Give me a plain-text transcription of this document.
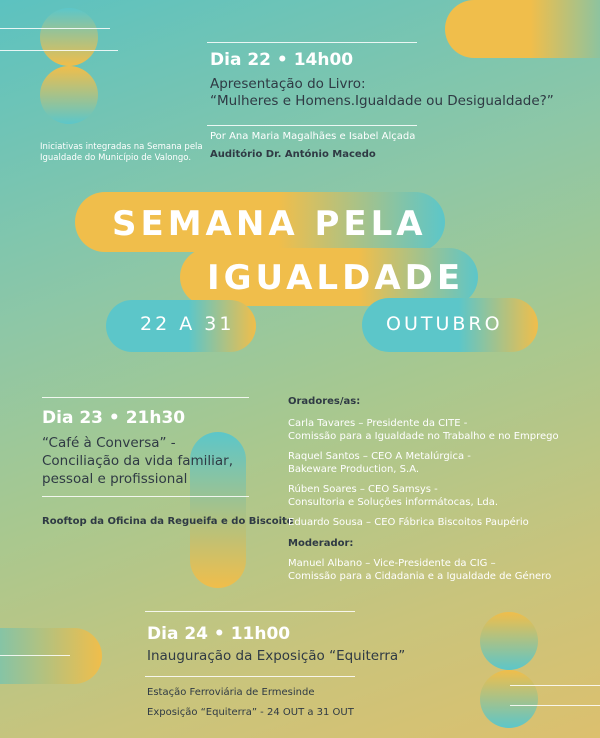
Iniciativas integradas na Semana pela
Igualdade do Município de Valongo.
Dia 22 • 14h00
Apresentação do Livro:
“Mulheres e Homens.Igualdade ou Desigualdade?”
Por Ana Maria Magalhães e Isabel Alçada
Auditório Dr. António Macedo
SEMANA PELA
IGUALDADE
22 A 31	OUTUBRO
Dia 23 • 21h30
“Café à Conversa” -
Conciliação da vida familiar,
pessoal e profissional
Rooftop da Oficina da Regueifa e do Biscoito
Oradores/as:
Carla Tavares – Presidente da CITE -
Comissão para a Igualdade no Trabalho e no Emprego
Raquel Santos – CEO A Metalúrgica -
Bakeware Production, S.A.
Rúben Soares – CEO Samsys -
Consultoria e Soluções informátocas, Lda.
Eduardo Sousa – CEO Fábrica Biscoitos Paupério
Moderador:
Manuel Albano – Vice-Presidente da CIG –
Comissão para a Cidadania e a Igualdade de Género
Dia 24 • 11h00
Inauguração da Exposição “Equiterra”
Estação Ferroviária de Ermesinde
Exposição “Equiterra” - 24 OUT a 31 OUT
